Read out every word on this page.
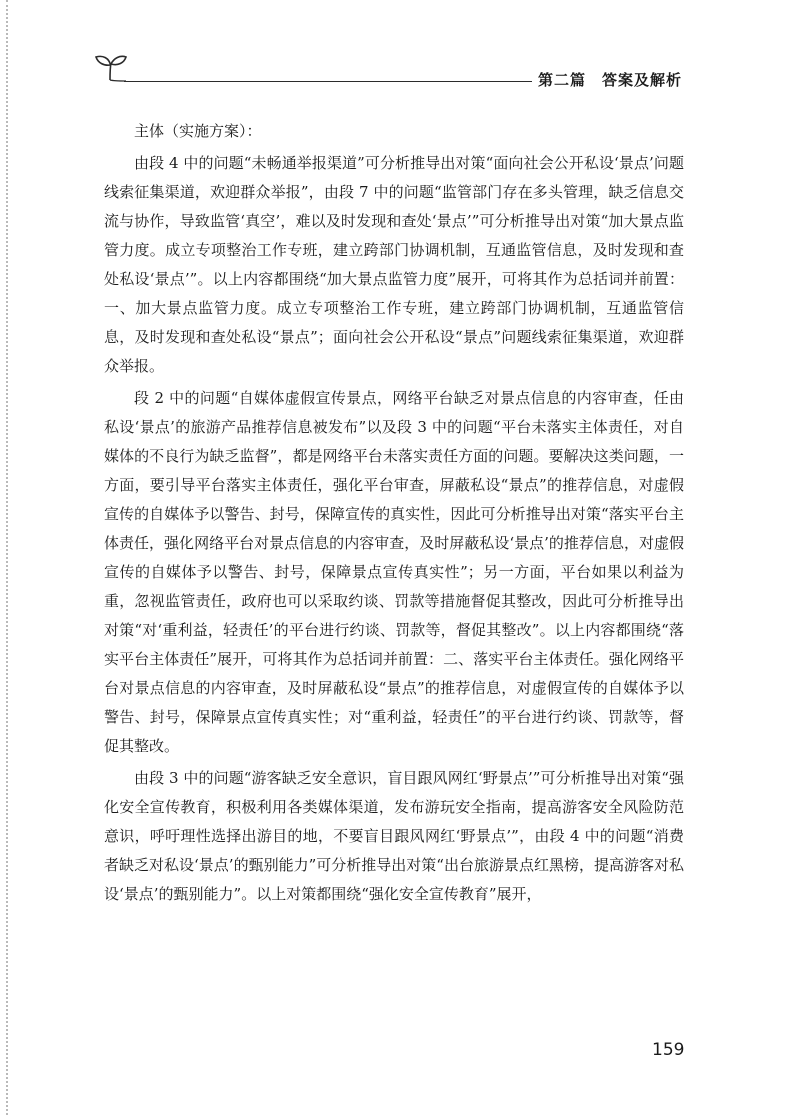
第二篇　答案及解析

主体（实施方案）：

由段 4 中的问题“未畅通举报渠道”可分析推导出对策“面向社会公开私设‘景点’问题线索征集渠道，欢迎群众举报”，由段 7 中的问题“监管部门存在多头管理，缺乏信息交流与协作，导致监管‘真空’，难以及时发现和查处‘景点’”可分析推导出对策“加大景点监管力度。成立专项整治工作专班，建立跨部门协调机制，互通监管信息，及时发现和查处私设‘景点’”。以上内容都围绕“加大景点监管力度”展开，可将其作为总括词并前置：一、加大景点监管力度。成立专项整治工作专班，建立跨部门协调机制，互通监管信息，及时发现和查处私设“景点”；面向社会公开私设“景点”问题线索征集渠道，欢迎群众举报。

段 2 中的问题“自媒体虚假宣传景点，网络平台缺乏对景点信息的内容审查，任由私设‘景点’的旅游产品推荐信息被发布”以及段 3 中的问题“平台未落实主体责任，对自媒体的不良行为缺乏监督”，都是网络平台未落实责任方面的问题。要解决这类问题，一方面，要引导平台落实主体责任，强化平台审查，屏蔽私设“景点”的推荐信息，对虚假宣传的自媒体予以警告、封号，保障宣传的真实性，因此可分析推导出对策“落实平台主体责任，强化网络平台对景点信息的内容审查，及时屏蔽私设‘景点’的推荐信息，对虚假宣传的自媒体予以警告、封号，保障景点宣传真实性”；另一方面，平台如果以利益为重，忽视监管责任，政府也可以采取约谈、罚款等措施督促其整改，因此可分析推导出对策“对‘重利益，轻责任’的平台进行约谈、罚款等，督促其整改”。以上内容都围绕“落实平台主体责任”展开，可将其作为总括词并前置：二、落实平台主体责任。强化网络平台对景点信息的内容审查，及时屏蔽私设“景点”的推荐信息，对虚假宣传的自媒体予以警告、封号，保障景点宣传真实性；对“重利益，轻责任”的平台进行约谈、罚款等，督促其整改。

由段 3 中的问题“游客缺乏安全意识，盲目跟风网红‘野景点’”可分析推导出对策“强化安全宣传教育，积极利用各类媒体渠道，发布游玩安全指南，提高游客安全风险防范意识，呼吁理性选择出游目的地，不要盲目跟风网红‘野景点’”，由段 4 中的问题“消费者缺乏对私设‘景点’的甄别能力”可分析推导出对策“出台旅游景点红黑榜，提高游客对私设‘景点’的甄别能力”。以上对策都围绕“强化安全宣传教育”展开，

159
